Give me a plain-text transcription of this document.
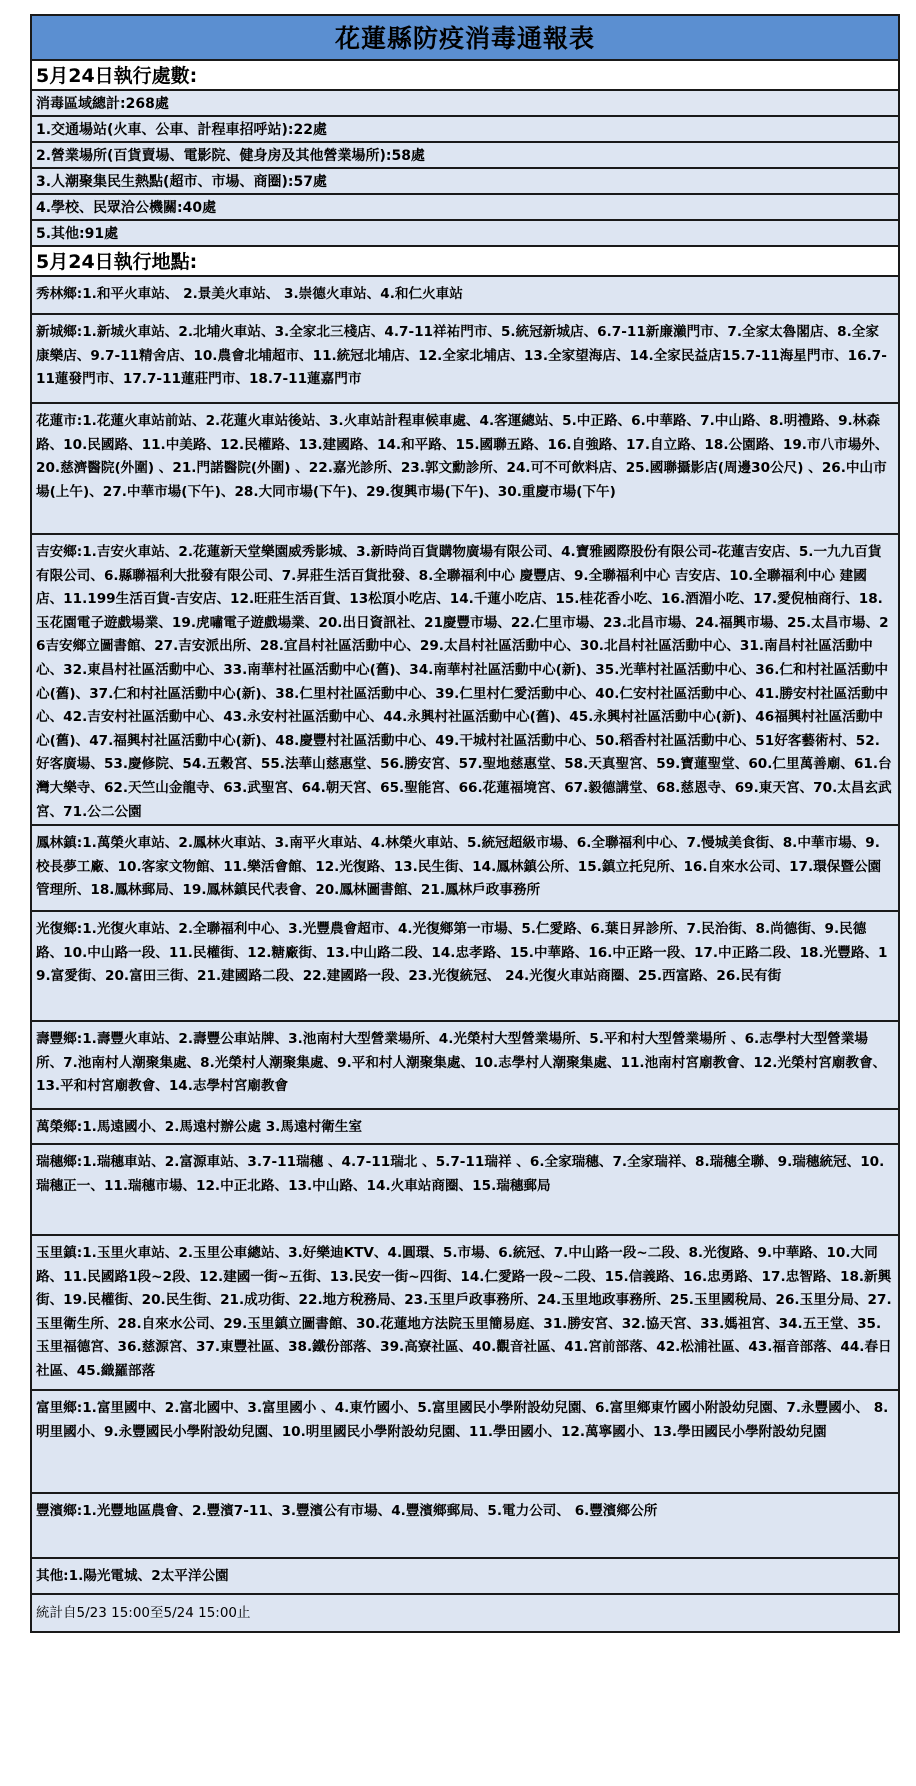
花蓮縣防疫消毒通報表
5月24日執行處數:
消毒區域總計:268處
1.交通場站(火車、公車、計程車招呼站):22處
2.營業場所(百貨賣場、電影院、健身房及其他營業場所):58處
3.人潮聚集民生熱點(超市、市場、商圈):57處
4.學校、民眾洽公機關:40處
5.其他:91處
5月24日執行地點:
秀林鄉:1.和平火車站、 2.景美火車站、 3.崇德火車站、4.和仁火車站
新城鄉:1.新城火車站、2.北埔火車站、3.全家北三棧店、4.7-11祥祐門市、5.統冠新城店、6.7-11新廉瀨門市、7.全家太魯閣店、8.全家康樂店、9.7-11精舍店、10.農會北埔超市、11.統冠北埔店、12.全家北埔店、13.全家望海店、14.全家民益店15.7-11海星門市、16.7-11蓮發門市、17.7-11蓮莊門市、18.7-11蓮嘉門市
花蓮市:1.花蓮火車站前站、2.花蓮火車站後站、3.火車站計程車候車處、4.客運總站、5.中正路、6.中華路、7.中山路、8.明禮路、9.林森路、10.民國路、11.中美路、12.民權路、13.建國路、14.和平路、15.國聯五路、16.自強路、17.自立路、18.公園路、19.市八市場外、20.慈濟醫院(外圍) 、21.門諾醫院(外圍) 、22.嘉光診所、23.郭文勳診所、24.可不可飲料店、25.國聯攝影店(周邊30公尺) 、26.中山市場(上午)、27.中華市場(下午)、28.大同市場(下午)、29.復興市場(下午)、30.重慶市場(下午)
吉安鄉:1.吉安火車站、2.花蓮新天堂樂園威秀影城、3.新時尚百貨購物廣場有限公司、4.寶雅國際股份有限公司-花蓮吉安店、5.一九九百貨有限公司、6.縣聯福利大批發有限公司、7.昇莊生活百貨批發、8.全聯福利中心 慶豐店、9.全聯福利中心 吉安店、10.全聯福利中心 建國店、11.199生活百貨-吉安店、12.旺莊生活百貨、13松頂小吃店、14.千蓮小吃店、15.桂花香小吃、16.酒湄小吃、17.愛倪柚商行、18.玉花園電子遊戲場業、19.虎嘯電子遊戲場業、20.出日資訊社、21慶豐市場、22.仁里市場、23.北昌市場、24.福興市場、25.太昌市場、26吉安鄉立圖書館、27.吉安派出所、28.宜昌村社區活動中心、29.太昌村社區活動中心、30.北昌村社區活動中心、31.南昌村社區活動中心、32.東昌村社區活動中心、33.南華村社區活動中心(舊)、34.南華村社區活動中心(新)、35.光華村社區活動中心、36.仁和村社區活動中心(舊)、37.仁和村社區活動中心(新)、38.仁里村社區活動中心、39.仁里村仁愛活動中心、40.仁安村社區活動中心、41.勝安村社區活動中心、42.吉安村社區活動中心、43.永安村社區活動中心、44.永興村社區活動中心(舊)、45.永興村社區活動中心(新)、46福興村社區活動中心(舊)、47.福興村社區活動中心(新)、48.慶豐村社區活動中心、49.干城村社區活動中心、50.稻香村社區活動中心、51好客藝術村、52.好客廣場、53.慶修院、54.五穀宮、55.法華山慈惠堂、56.勝安宮、57.聖地慈惠堂、58.天真聖宮、59.寶蓮聖堂、60.仁里萬善廟、61.台灣大樂寺、62.天竺山金龍寺、63.武聖宮、64.朝天宮、65.聖能宮、66.花蓮福境宮、67.毅德講堂、68.慈恩寺、69.東天宮、70.太昌玄武宮、71.公二公園
鳳林鎮:1.萬榮火車站、2.鳳林火車站、3.南平火車站、4.林榮火車站、5.統冠超級市場、6.全聯福利中心、7.慢城美食街、8.中華市場、9.校長夢工廠、10.客家文物館、11.樂活會館、12.光復路、13.民生街、14.鳳林鎮公所、15.鎮立托兒所、16.自來水公司、17.環保暨公園管理所、18.鳳林郵局、19.鳳林鎮民代表會、20.鳳林圖書館、21.鳳林戶政事務所
光復鄉:1.光復火車站、2.全聯福利中心、3.光豐農會超市、4.光復鄉第一市場、5.仁愛路、6.葉日昇診所、7.民治街、8.尚德街、9.民德路、10.中山路一段、11.民權街、12.糖廠街、13.中山路二段、14.忠孝路、15.中華路、16.中正路一段、17.中正路二段、18.光豐路、19.富愛街、20.富田三街、21.建國路二段、22.建國路一段、23.光復統冠、 24.光復火車站商圈、25.西富路、26.民有街
壽豐鄉:1.壽豐火車站、2.壽豐公車站牌、3.池南村大型營業場所、4.光榮村大型營業場所、5.平和村大型營業場所 、6.志學村大型營業場所、7.池南村人潮聚集處、8.光榮村人潮聚集處、9.平和村人潮聚集處、10.志學村人潮聚集處、11.池南村宮廟教會、12.光榮村宮廟教會、13.平和村宮廟教會、14.志學村宮廟教會
萬榮鄉:1.馬遠國小、2.馬遠村辦公處 3.馬遠村衛生室
瑞穗鄉:1.瑞穗車站、2.富源車站、3.7-11瑞穗 、4.7-11瑞北 、5.7-11瑞祥 、6.全家瑞穗、7.全家瑞祥、8.瑞穗全聯、9.瑞穗統冠、10.瑞穗正一、11.瑞穗市場、12.中正北路、13.中山路、14.火車站商圈、15.瑞穗郵局
玉里鎮:1.玉里火車站、2.玉里公車總站、3.好樂迪KTV、4.圓環、5.市場、6.統冠、7.中山路一段~二段、8.光復路、9.中華路、10.大同路、11.民國路1段~2段、12.建國一街~五街、13.民安一街~四街、14.仁愛路一段~二段、15.信義路、16.忠勇路、17.忠智路、18.新興街、19.民權街、20.民生街、21.成功街、22.地方稅務局、23.玉里戶政事務所、24.玉里地政事務所、25.玉里國稅局、26.玉里分局、27.玉里衛生所、28.自來水公司、29.玉里鎮立圖書館、30.花蓮地方法院玉里簡易庭、31.勝安宮、32.協天宮、33.媽祖宮、34.五王堂、35.玉里福德宮、36.慈源宮、37.東豐社區、38.鐵份部落、39.高寮社區、40.觀音社區、41.宮前部落、42.松浦社區、43.福音部落、44.春日社區、45.織羅部落
富里鄉:1.富里國中、2.富北國中、3.富里國小 、4.東竹國小、5.富里國民小學附設幼兒園、6.富里鄉東竹國小附設幼兒園、7.永豐國小、 8.明里國小、9.永豐國民小學附設幼兒園、10.明里國民小學附設幼兒園、11.學田國小、12.萬寧國小、13.學田國民小學附設幼兒園
豐濱鄉:1.光豐地區農會、2.豐濱7-11、3.豐濱公有市場、4.豐濱鄉郵局、5.電力公司、 6.豐濱鄉公所
其他:1.陽光電城、2太平洋公園
統計自5/23 15:00至5/24 15:00止
